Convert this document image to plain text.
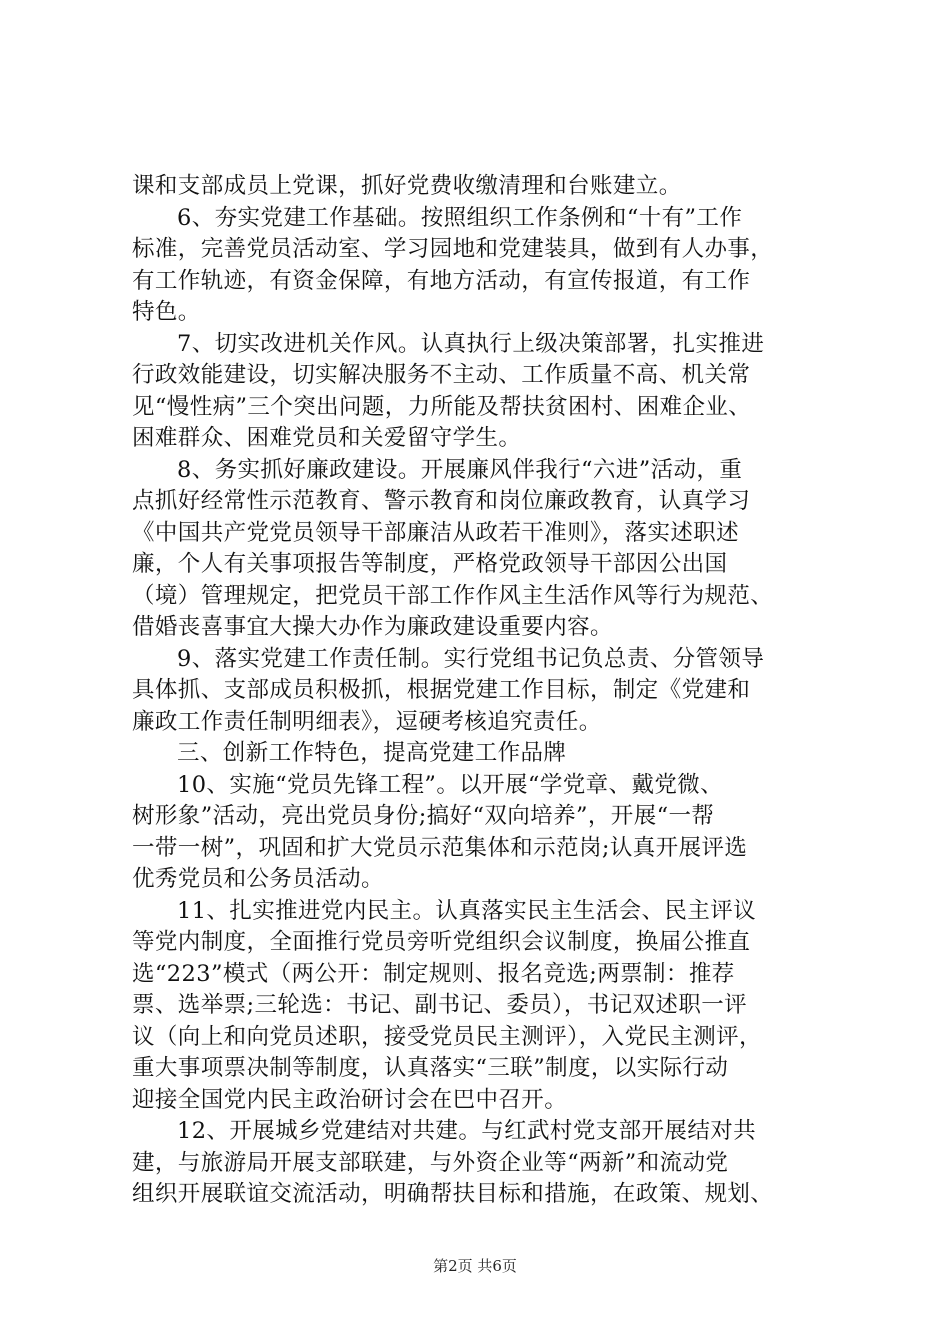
课和支部成员上党课，抓好党费收缴清理和台账建立。
6、夯实党建工作基础。按照组织工作条例和“十有”工作
标准，完善党员活动室、学习园地和党建装具，做到有人办事，
有工作轨迹，有资金保障，有地方活动，有宣传报道，有工作
特色。
7、切实改进机关作风。认真执行上级决策部署，扎实推进
行政效能建设，切实解决服务不主动、工作质量不高、机关常
见“慢性病”三个突出问题，力所能及帮扶贫困村、困难企业、
困难群众、困难党员和关爱留守学生。
8、务实抓好廉政建设。开展廉风伴我行“六进”活动，重
点抓好经常性示范教育、警示教育和岗位廉政教育，认真学习
《中国共产党党员领导干部廉洁从政若干准则》，落实述职述
廉，个人有关事项报告等制度，严格党政领导干部因公出国
（境）管理规定，把党员干部工作作风主生活作风等行为规范、
借婚丧喜事宜大操大办作为廉政建设重要内容。
9、落实党建工作责任制。实行党组书记负总责、分管领导
具体抓、支部成员积极抓，根据党建工作目标，制定《党建和
廉政工作责任制明细表》，逗硬考核追究责任。
三、创新工作特色，提高党建工作品牌
10、实施“党员先锋工程”。以开展“学党章、戴党微、
树形象”活动，亮出党员身份;搞好“双向培养”，开展“一帮
一带一树”，巩固和扩大党员示范集体和示范岗;认真开展评选
优秀党员和公务员活动。
11、扎实推进党内民主。认真落实民主生活会、民主评议
等党内制度，全面推行党员旁听党组织会议制度，换届公推直
选“223”模式（两公开：制定规则、报名竞选;两票制：推荐
票、选举票;三轮选：书记、副书记、委员），书记双述职一评
议（向上和向党员述职，接受党员民主测评），入党民主测评，
重大事项票决制等制度，认真落实“三联”制度，以实际行动
迎接全国党内民主政治研讨会在巴中召开。
12、开展城乡党建结对共建。与红武村党支部开展结对共
建，与旅游局开展支部联建，与外资企业等“两新”和流动党
组织开展联谊交流活动，明确帮扶目标和措施，在政策、规划、
第2页 共6页
